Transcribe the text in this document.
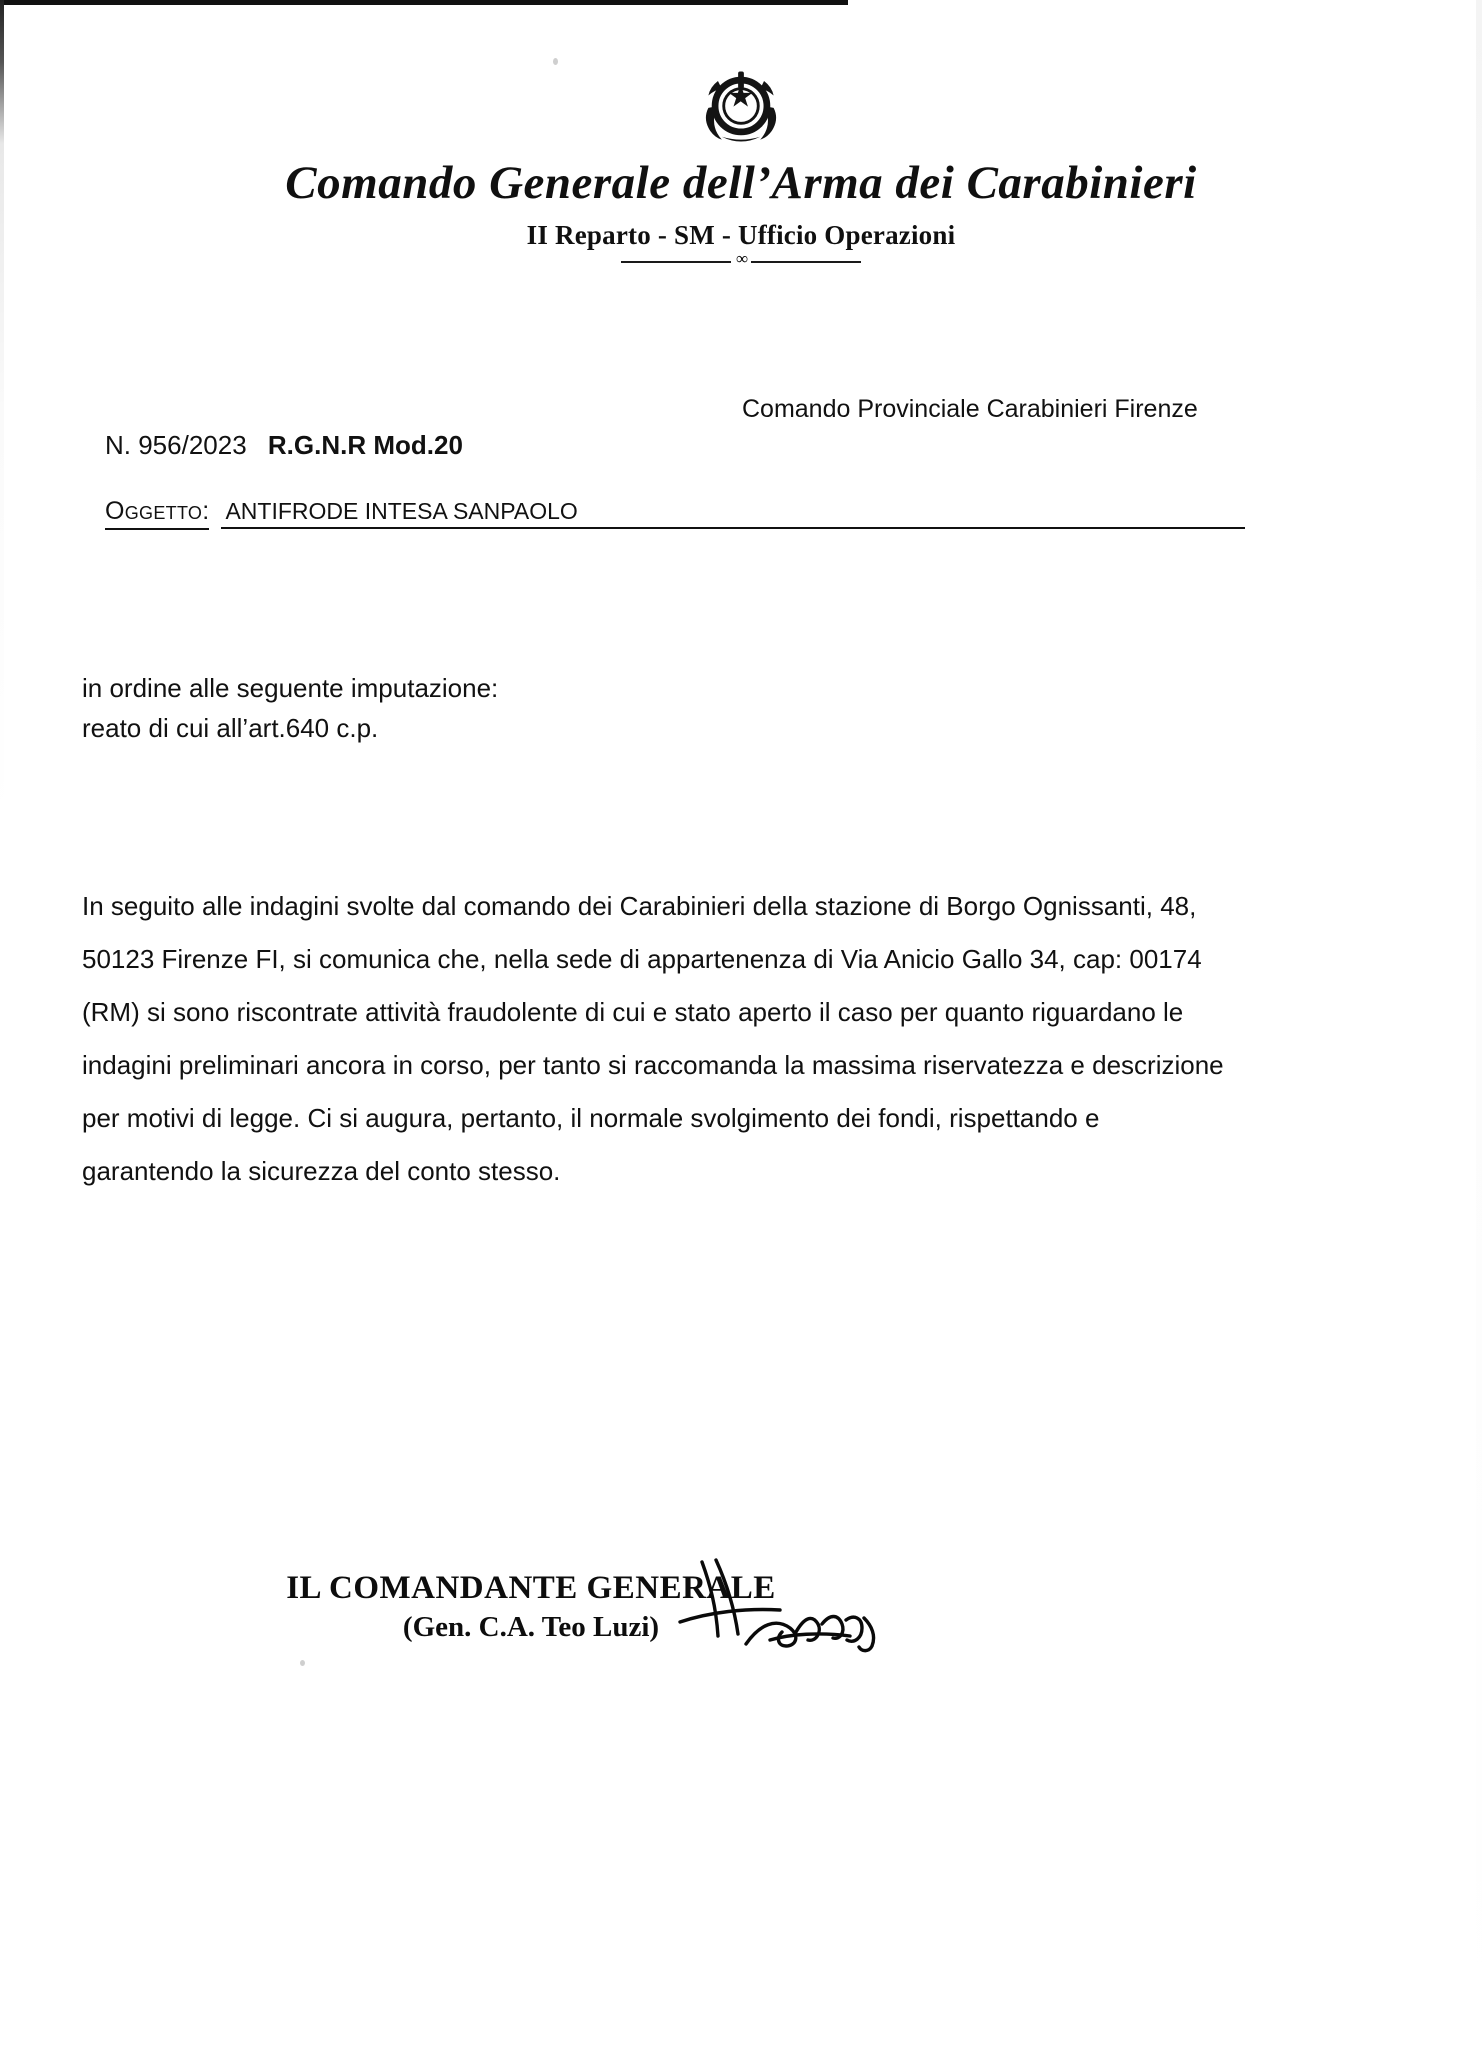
Comando Generale dell’Arma dei Carabinieri
II Reparto - SM - Ufficio Operazioni
∞
Comando Provinciale Carabinieri Firenze
N. 956/2023 R.G.N.R Mod.20
Oggetto: ANTIFRODE INTESA SANPAOLO
in ordine alle seguente imputazione:
reato di cui all’art.640 c.p.
In seguito alle indagini svolte dal comando dei Carabinieri della stazione di Borgo Ognissanti, 48, 50123 Firenze FI, si comunica che, nella sede di appartenenza di Via Anicio Gallo 34, cap: 00174 (RM) si sono riscontrate attività fraudolente di cui e stato aperto il caso per quanto riguardano le indagini preliminari ancora in corso, per tanto si raccomanda la massima riservatezza e descrizione per motivi di legge. Ci si augura, pertanto, il normale svolgimento dei fondi, rispettando e garantendo la sicurezza del conto stesso.
IL COMANDANTE GENERALE
(Gen. C.A. Teo Luzi)
